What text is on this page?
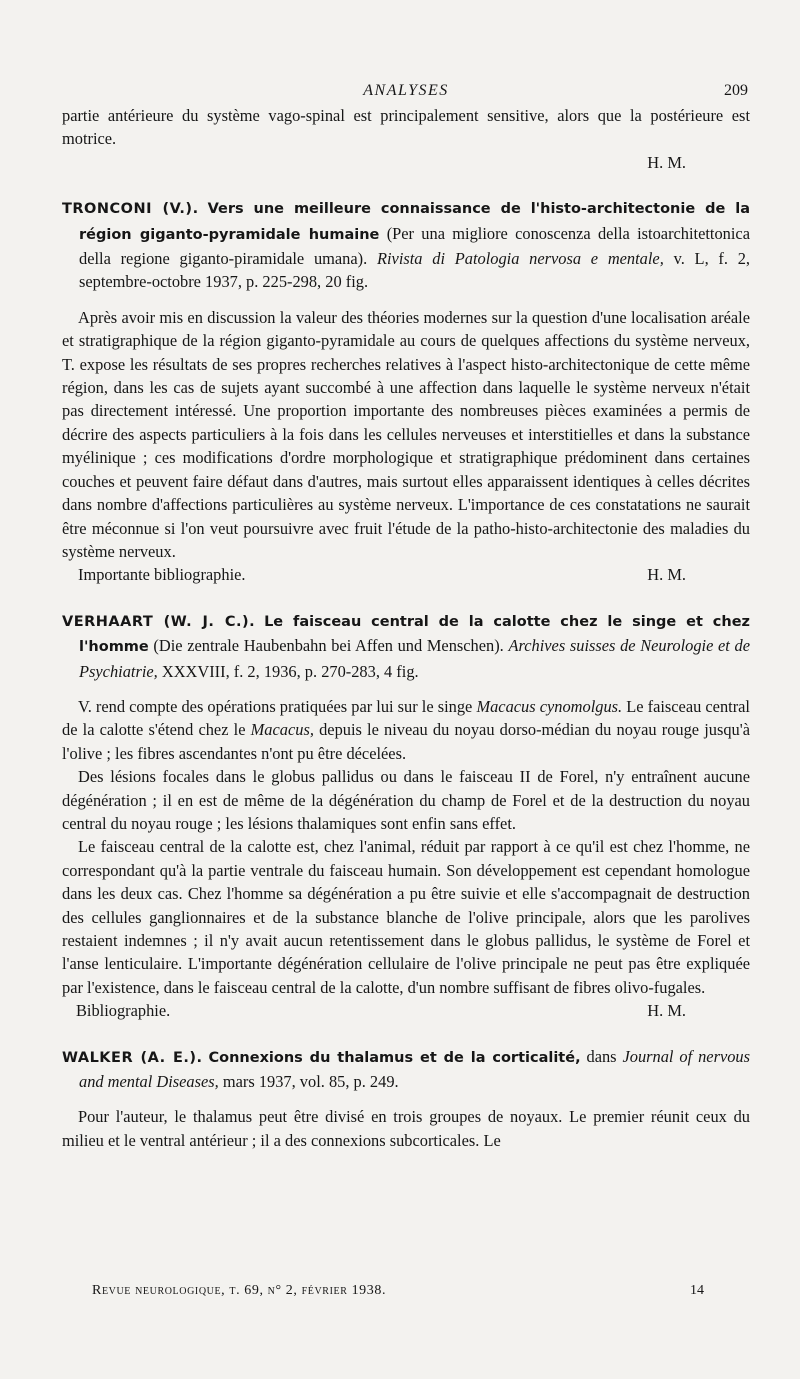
ANALYSES	209

partie antérieure du système vago-spinal est principalement sensitive, alors que la postérieure est motrice.

H. M.

TRONCONI (V.). Vers une meilleure connaissance de l'histo-architectonie de la région giganto-pyramidale humaine (Per una migliore conoscenza della istoarchitettonica della regione giganto-piramidale umana). Rivista di Patologia nervosa e mentale, v. L, f. 2, septembre-octobre 1937, p. 225-298, 20 fig.

Après avoir mis en discussion la valeur des théories modernes sur la question d'une localisation aréale et stratigraphique de la région giganto-pyramidale au cours de quelques affections du système nerveux, T. expose les résultats de ses propres recherches relatives à l'aspect histo-architectonique de cette même région, dans les cas de sujets ayant succombé à une affection dans laquelle le système nerveux n'était pas directement intéressé. Une proportion importante des nombreuses pièces examinées a permis de décrire des aspects particuliers à la fois dans les cellules nerveuses et interstitielles et dans la substance myélinique ; ces modifications d'ordre morphologique et stratigraphique prédominent dans certaines couches et peuvent faire défaut dans d'autres, mais surtout elles apparaissent identiques à celles décrites dans nombre d'affections particulières au système nerveux. L'importance de ces constatations ne saurait être méconnue si l'on veut poursuivre avec fruit l'étude de la patho-histo-architectonie des maladies du système nerveux.

Importante bibliographie.	H. M.

VERHAART (W. J. C.). Le faisceau central de la calotte chez le singe et chez l'homme (Die zentrale Haubenbahn bei Affen und Menschen). Archives suisses de Neurologie et de Psychiatrie, XXXVIII, f. 2, 1936, p. 270-283, 4 fig.

V. rend compte des opérations pratiquées par lui sur le singe Macacus cynomolgus. Le faisceau central de la calotte s'étend chez le Macacus, depuis le niveau du noyau dorso-médian du noyau rouge jusqu'à l'olive ; les fibres ascendantes n'ont pu être décelées.

Des lésions focales dans le globus pallidus ou dans le faisceau II de Forel, n'y entraînent aucune dégénération ; il en est de même de la dégénération du champ de Forel et de la destruction du noyau central du noyau rouge ; les lésions thalamiques sont enfin sans effet.

Le faisceau central de la calotte est, chez l'animal, réduit par rapport à ce qu'il est chez l'homme, ne correspondant qu'à la partie ventrale du faisceau humain. Son développement est cependant homologue dans les deux cas. Chez l'homme sa dégénération a pu être suivie et elle s'accompagnait de destruction des cellules ganglionnaires et de la substance blanche de l'olive principale, alors que les parolives restaient indemnes ; il n'y avait aucun retentissement dans le globus pallidus, le système de Forel et l'anse lenticulaire. L'importante dégénération cellulaire de l'olive principale ne peut pas être expliquée par l'existence, dans le faisceau central de la calotte, d'un nombre suffisant de fibres olivo-fugales.

Bibliographie.	H. M.

WALKER (A. E.). Connexions du thalamus et de la corticalité, dans Journal of nervous and mental Diseases, mars 1937, vol. 85, p. 249.

Pour l'auteur, le thalamus peut être divisé en trois groupes de noyaux. Le premier réunit ceux du milieu et le ventral antérieur ; il a des connexions subcorticales. Le

Revue neurologique, t. 69, n° 2, février 1938.	14
